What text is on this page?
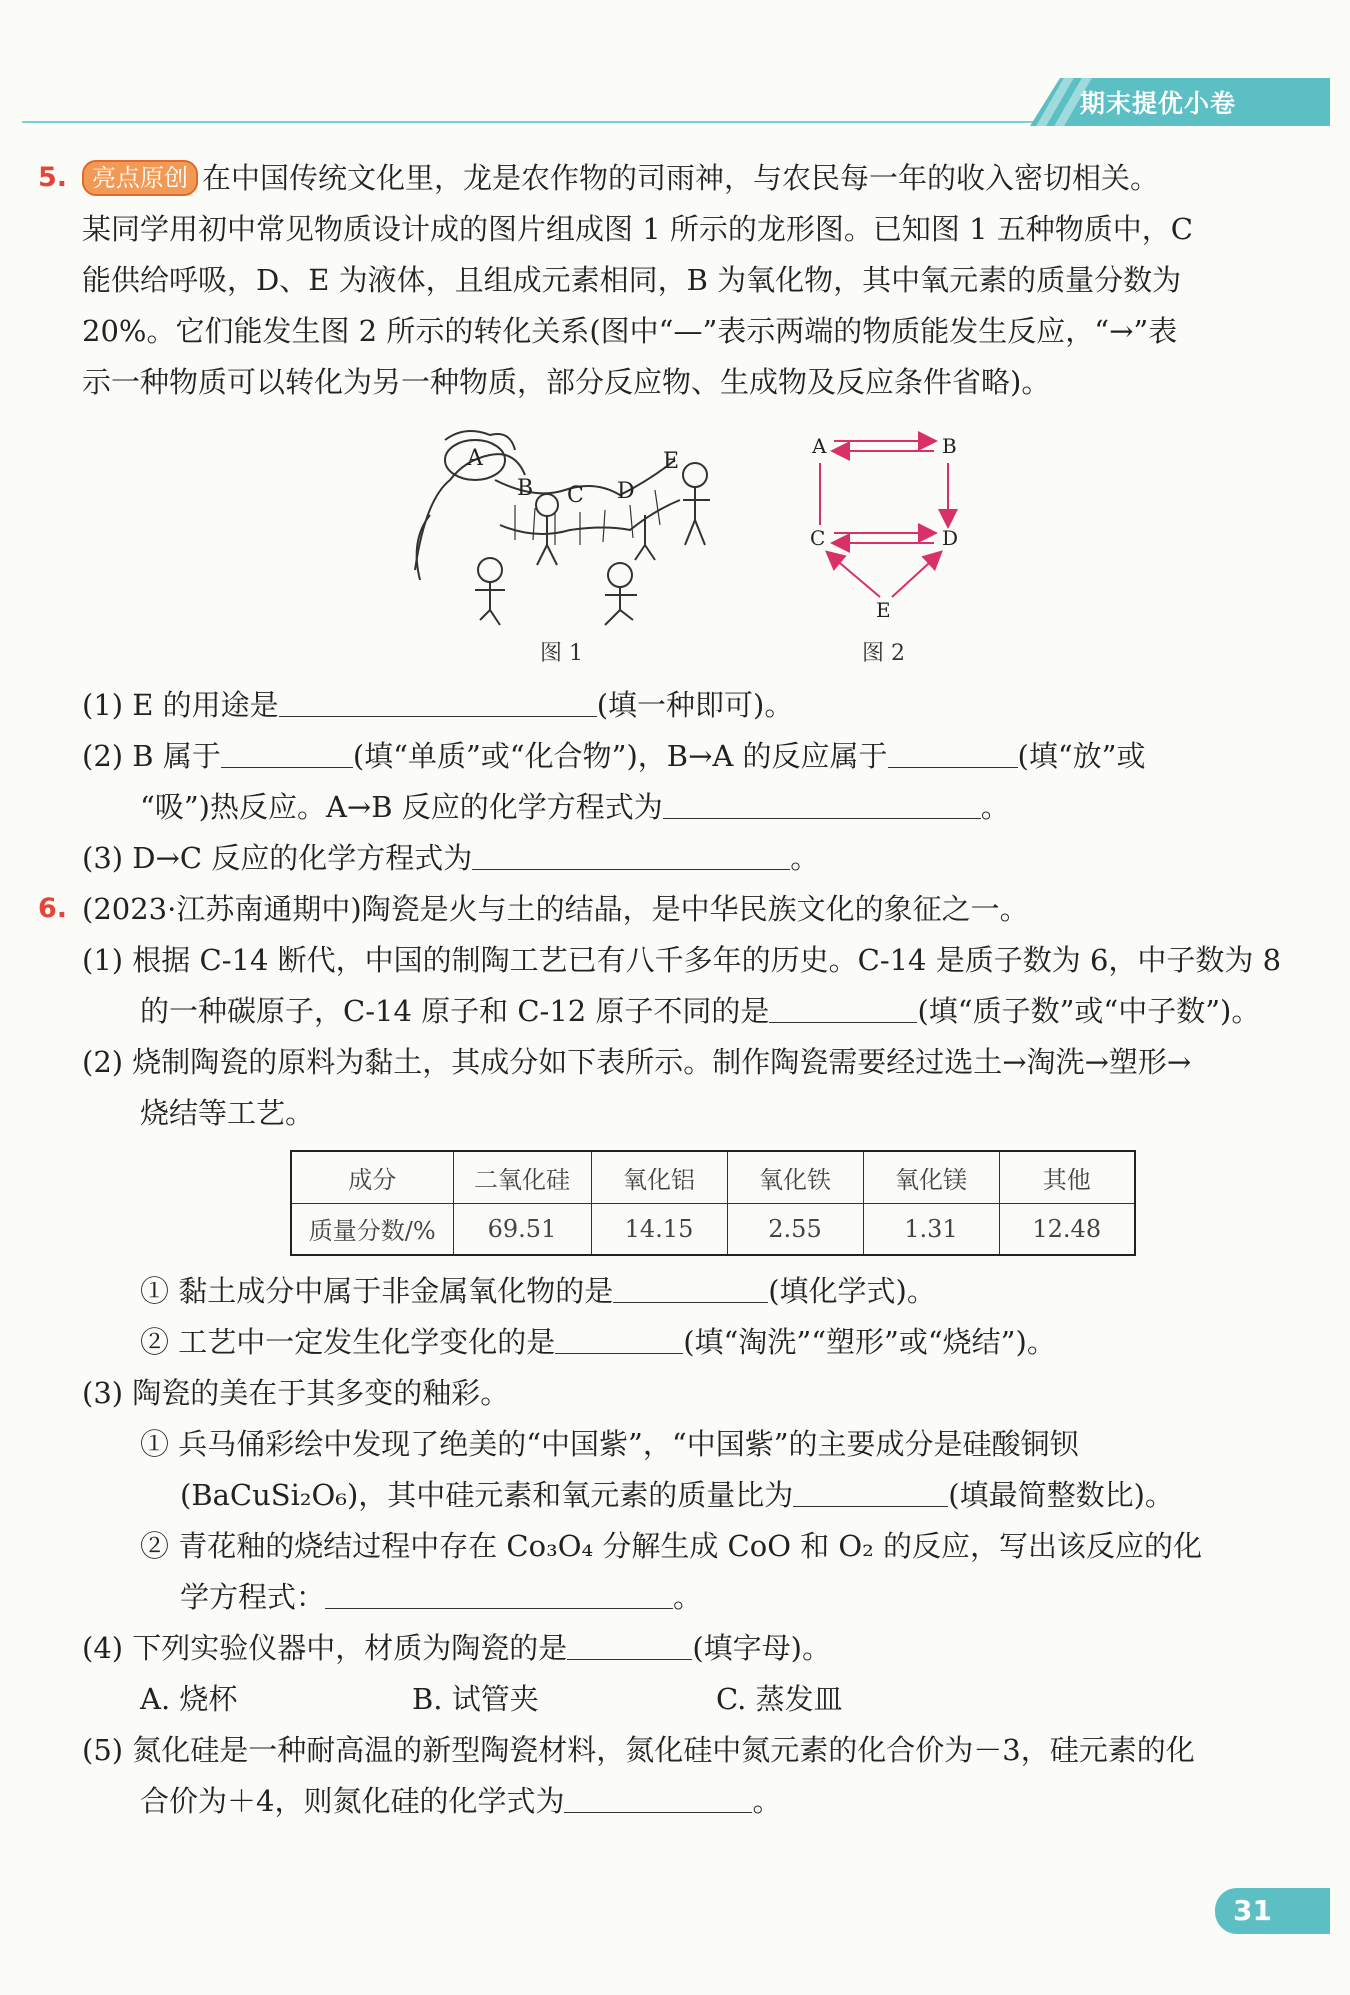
期末提优小卷
5.	亮点原创 在中国传统文化里，龙是农作物的司雨神，与农民每一年的收入密切相关。
某同学用初中常见物质设计成的图片组成图 1 所示的龙形图。已知图 1 五种物质中，C
能供给呼吸，D、E 为液体，且组成元素相同，B 为氧化物，其中氧元素的质量分数为
20%。它们能发生图 2 所示的转化关系(图中“—”表示两端的物质能发生反应，“→”表
示一种物质可以转化为另一种物质，部分反应物、生成物及反应条件省略)。
A
B C D
E
图 1
A	B
C	D
E
图 2
(1) E 的用途是	(填一种即可)。
(2) B 属于	(填“单质”或“化合物”)，B→A 的反应属于	(填“放”或
“吸”)热反应。A→B 反应的化学方程式为	。
(3) D→C 反应的化学方程式为	。
6. (2023·江苏南通期中)陶瓷是火与土的结晶，是中华民族文化的象征之一。
(1) 根据 C-14 断代，中国的制陶工艺已有八千多年的历史。C-14 是质子数为 6，中子数为 8
的一种碳原子，C-14 原子和 C-12 原子不同的是	(填“质子数”或“中子数”)。
(2) 烧制陶瓷的原料为黏土，其成分如下表所示。制作陶瓷需要经过选土→淘洗→塑形→
烧结等工艺。
成分	二氧化硅	氧化铝	氧化铁	氧化镁	其他
质量分数/%	69.51	14.15	2.55	1.31	12.48
① 黏土成分中属于非金属氧化物的是	(填化学式)。
② 工艺中一定发生化学变化的是	(填“淘洗”“塑形”或“烧结”)。
(3) 陶瓷的美在于其多变的釉彩。
① 兵马俑彩绘中发现了绝美的“中国紫”，“中国紫”的主要成分是硅酸铜钡
(BaCuSi₂O₆)，其中硅元素和氧元素的质量比为	(填最简整数比)。
② 青花釉的烧结过程中存在 Co₃O₄ 分解生成 CoO 和 O₂ 的反应，写出该反应的化
学方程式：	。
(4) 下列实验仪器中，材质为陶瓷的是	(填字母)。
A. 烧杯	B. 试管夹	C. 蒸发皿
(5) 氮化硅是一种耐高温的新型陶瓷材料，氮化硅中氮元素的化合价为－3，硅元素的化
合价为＋4，则氮化硅的化学式为	。
31
